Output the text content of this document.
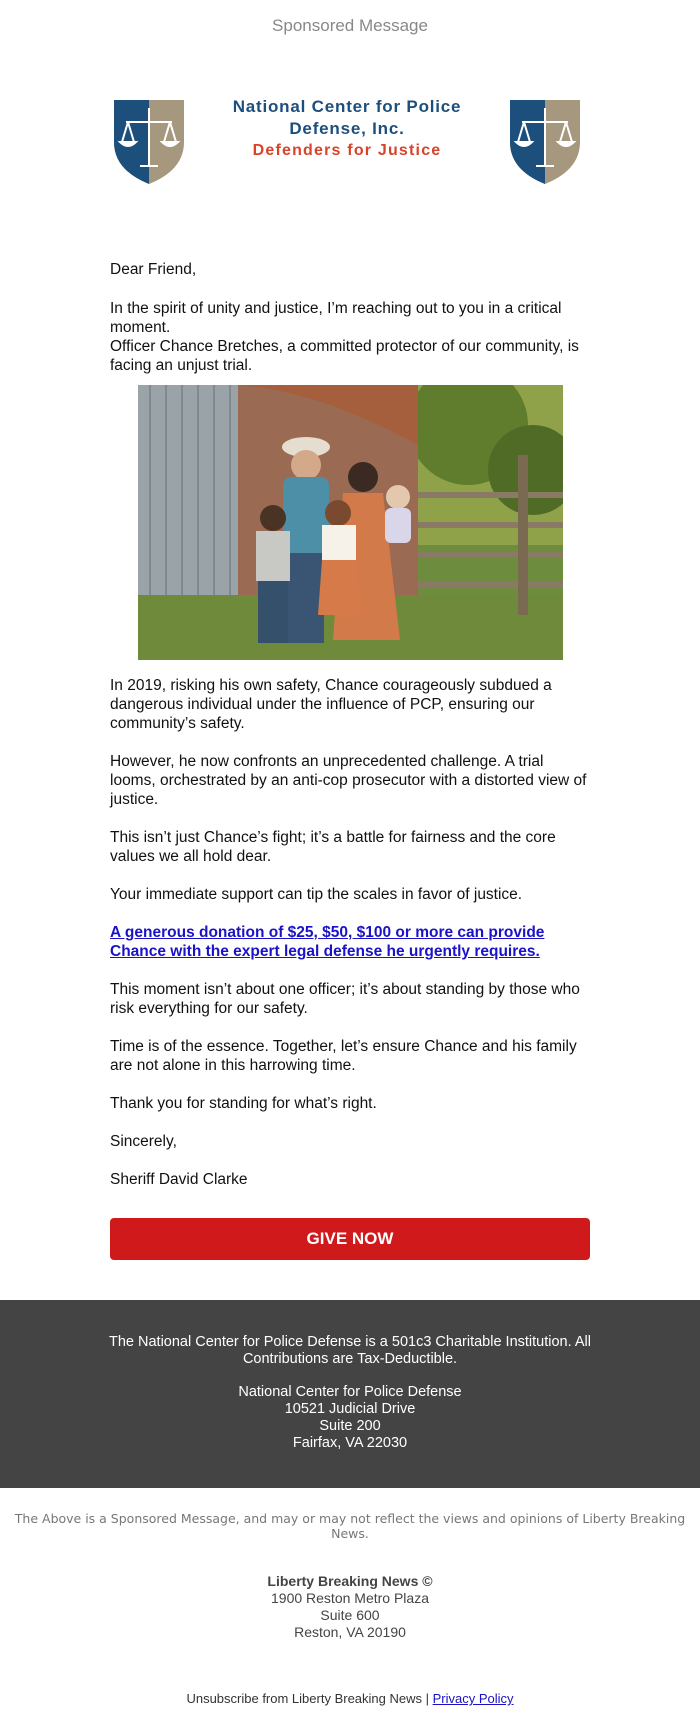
Sponsored Message
National Center for Police
Defense, Inc.
Defenders for Justice

Dear Friend,

In the spirit of unity and justice, I’m reaching out to you in a critical moment.

Officer Chance Bretches, a committed protector of our community, is facing an unjust trial.

In 2019, risking his own safety, Chance courageously subdued a dangerous individual under the influence of PCP, ensuring our community’s safety.

However, he now confronts an unprecedented challenge. A trial looms, orchestrated by an anti-cop prosecutor with a distorted view of justice.

This isn’t just Chance’s fight; it’s a battle for fairness and the core values we all hold dear.

Your immediate support can tip the scales in favor of justice.

A generous donation of $25, $50, $100 or more can provide Chance with the expert legal defense he urgently requires.

This moment isn’t about one officer; it’s about standing by those who risk everything for our safety.

Time is of the essence. Together, let’s ensure Chance and his family are not alone in this harrowing time.

Thank you for standing for what’s right.

Sincerely,

Sheriff David Clarke

GIVE NOW
The National Center for Police Defense is a 501c3 Charitable Institution. All Contributions are Tax-Deductible.
National Center for Police Defense
10521 Judicial Drive
Suite 200
Fairfax, VA 22030
The Above is a Sponsored Message, and may or may not reflect the views and opinions of Liberty Breaking News.
Liberty Breaking News ©
1900 Reston Metro Plaza
Suite 600
Reston, VA 20190
Unsubscribe from Liberty Breaking News | Privacy Policy
